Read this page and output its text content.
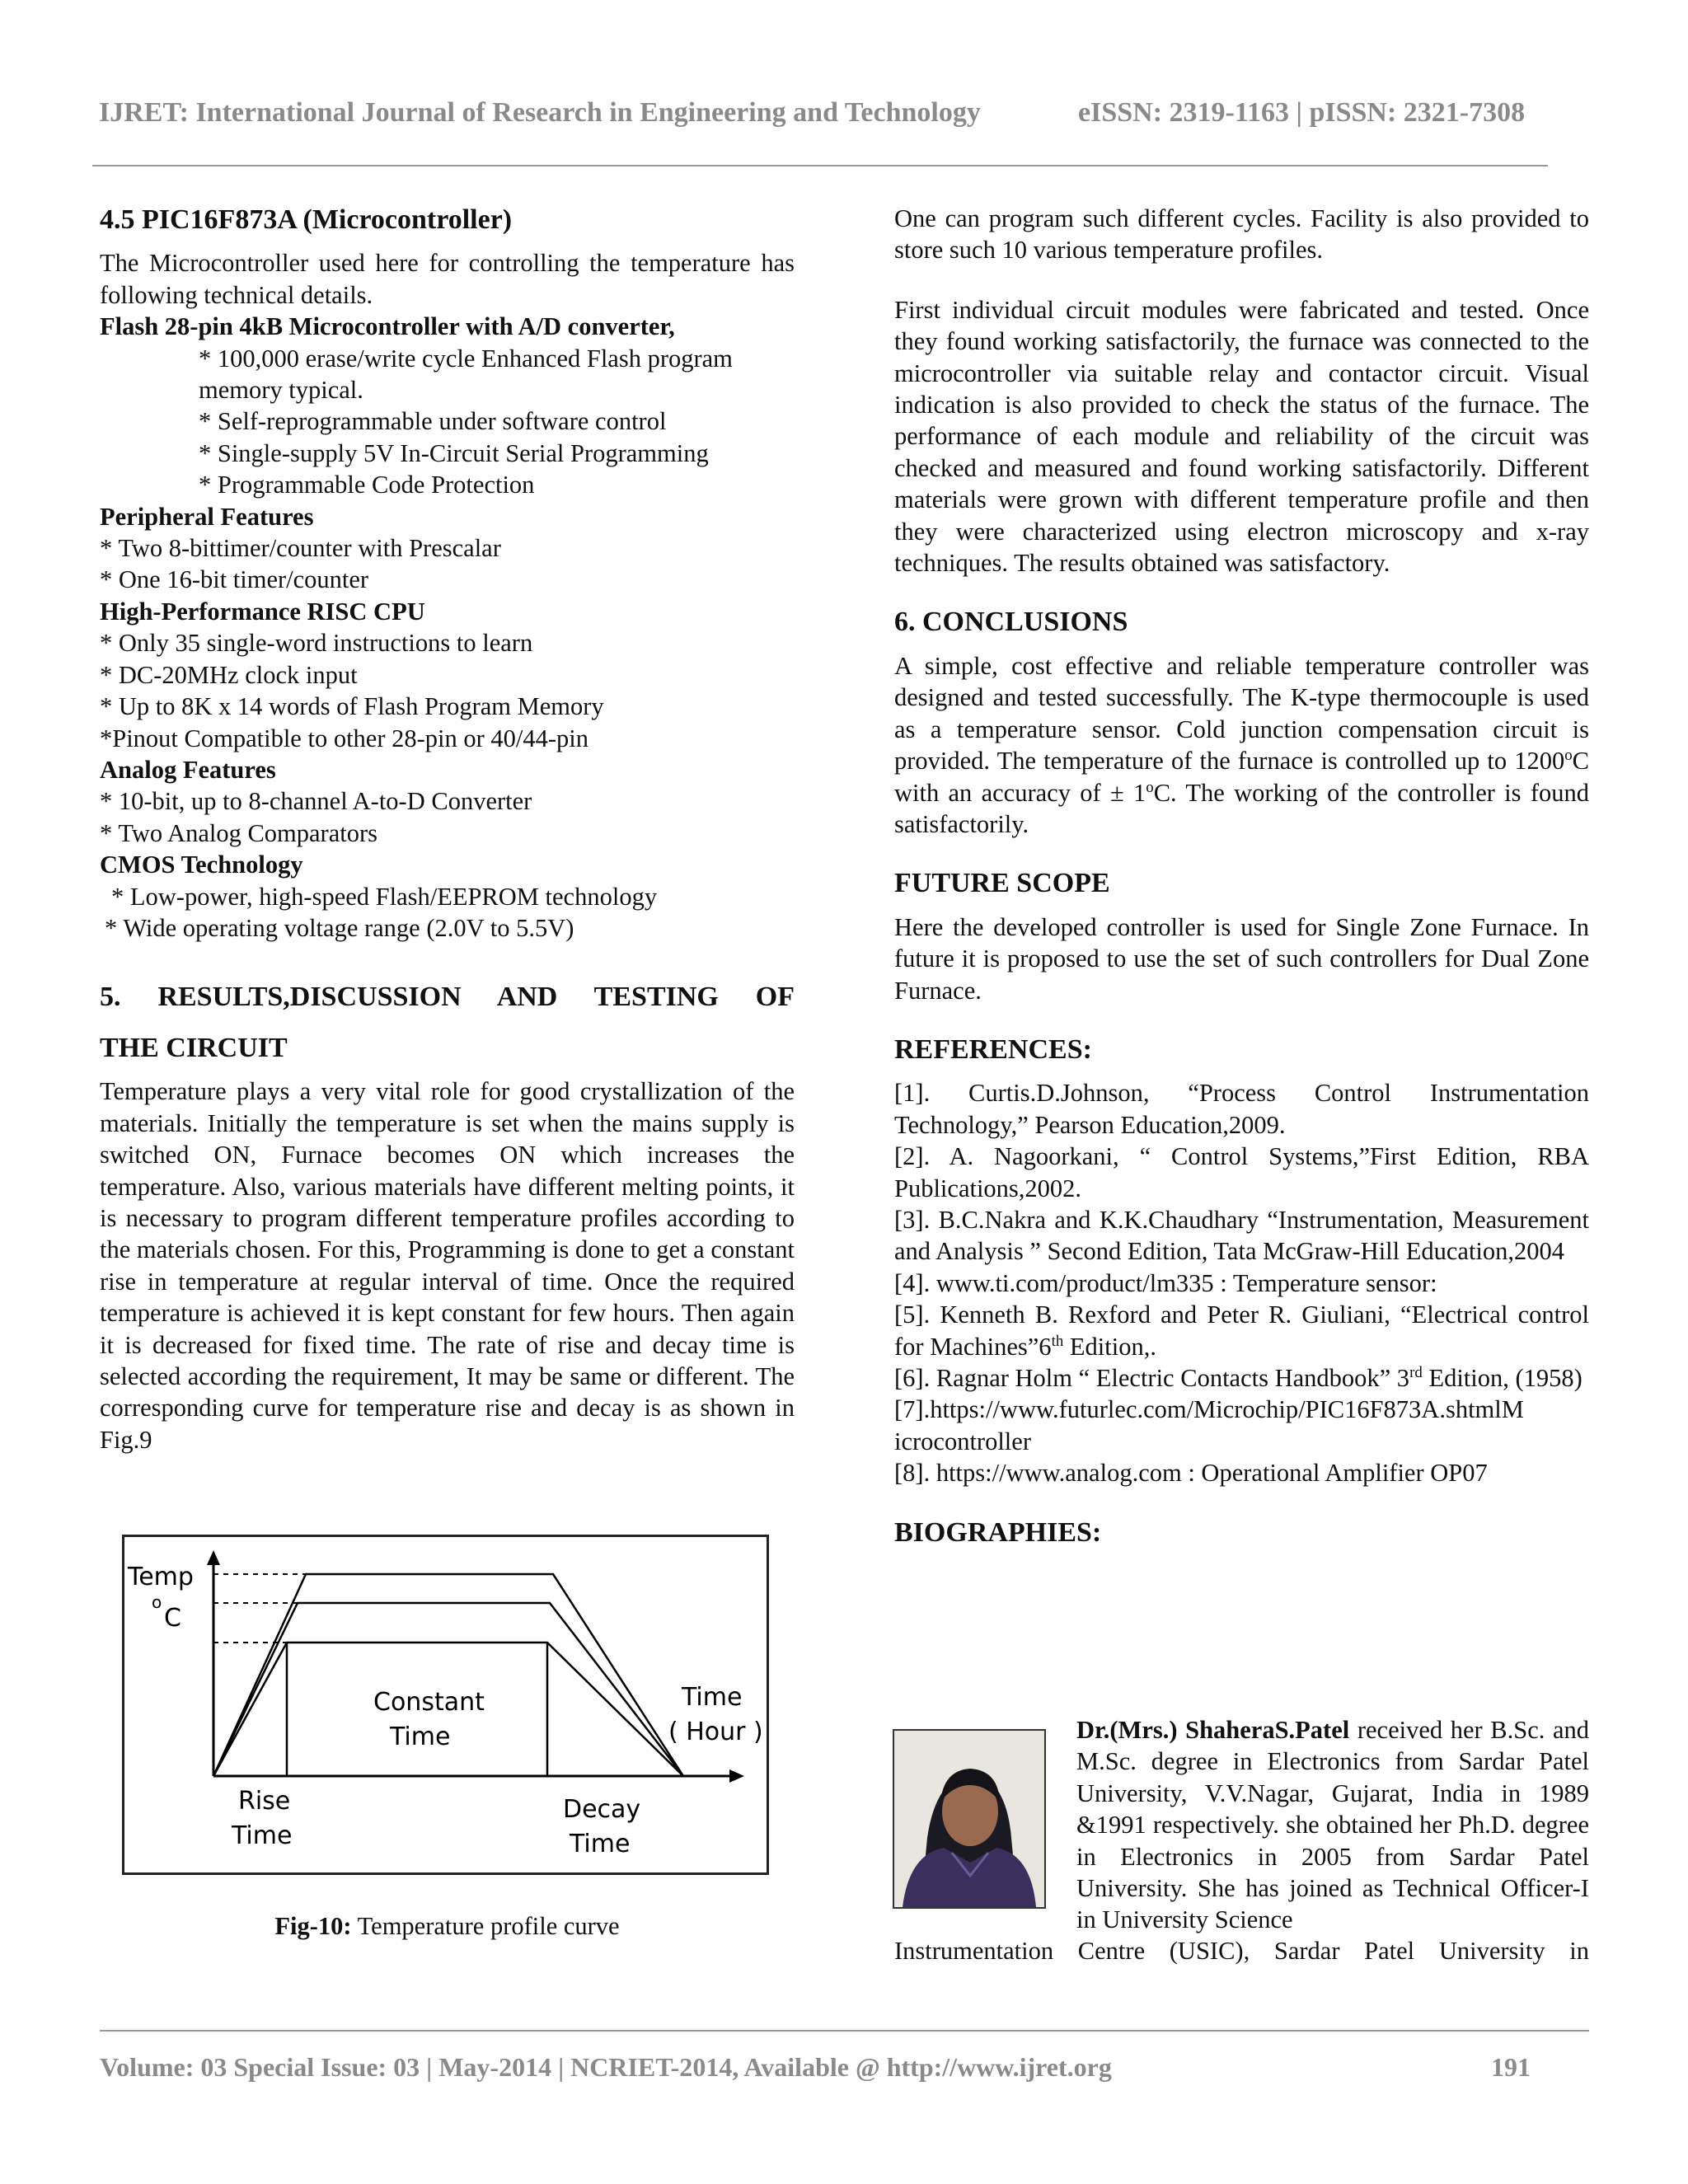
IJRET: International Journal of Research in Engineering and Technology	eISSN: 2319-1163 | pISSN: 2321-7308

4.5 PIC16F873A (Microcontroller)

The Microcontroller used here for controlling the temperature has following technical details.

Flash 28-pin 4kB Microcontroller with A/D converter,

* 100,000 erase/write cycle Enhanced Flash program memory typical.

* Self-reprogrammable under software control

* Single-supply 5V In-Circuit Serial Programming

* Programmable Code Protection

Peripheral Features

* Two 8-bittimer/counter with Prescalar

* One 16-bit timer/counter

High-Performance RISC CPU

* Only 35 single-word instructions to learn

* DC-20MHz clock input

* Up to 8K x 14 words of Flash Program Memory

*Pinout Compatible to other 28-pin or 40/44-pin

Analog Features

* 10-bit, up to 8-channel A-to-D Converter

* Two Analog Comparators

CMOS Technology

* Low-power, high-speed Flash/EEPROM technology

* Wide operating voltage range (2.0V to 5.5V)

5. RESULTS,DISCUSSION AND TESTING OF

THE CIRCUIT

Temperature plays a very vital role for good crystallization of the materials. Initially the temperature is set when the mains supply is switched ON, Furnace becomes ON which increases the temperature. Also, various materials have different melting points, it is necessary to program different temperature profiles according to the materials chosen. For this, Programming is done to get a constant rise in temperature at regular interval of time. Once the required temperature is achieved it is kept constant for few hours. Then again it is decreased for fixed time. The rate of rise and decay time is selected according the requirement, It may be same or different. The corresponding curve for temperature rise and decay is as shown in Fig.9

Temp
o
C
Constant
Time
Time
( Hour )
Rise
Time
Decay
Time
Fig-10: Temperature profile curve

One can program such different cycles. Facility is also provided to store such 10 various temperature profiles.

First individual circuit modules were fabricated and tested. Once they found working satisfactorily, the furnace was connected to the microcontroller via suitable relay and contactor circuit. Visual indication is also provided to check the status of the furnace. The performance of each module and reliability of the circuit was checked and measured and found working satisfactorily. Different materials were grown with different temperature profile and then they were characterized using electron microscopy and x-ray techniques. The results obtained was satisfactory.

6. CONCLUSIONS

A simple, cost effective and reliable temperature controller was designed and tested successfully. The K-type thermocouple is used as a temperature sensor. Cold junction compensation circuit is provided. The temperature of the furnace is controlled up to 1200$^o$C with an accuracy of ± $1^oC$. The working of the controller is found satisfactorily.

FUTURE SCOPE

Here the developed controller is used for Single Zone Furnace. In future it is proposed to use the set of such controllers for Dual Zone Furnace.

REFERENCES:

[1]. Curtis.D.Johnson, “Process Control Instrumentation Technology,” Pearson Education,2009.

[2]. A. Nagoorkani, “ Control Systems,”First Edition, RBA Publications,2002.

[3]. B.C.Nakra and K.K.Chaudhary “Instrumentation, Measurement and Analysis ” Second Edition, Tata McGraw-Hill Education,2004

[4]. www.ti.com/product/lm335 : Temperature sensor:

[5]. Kenneth B. Rexford and Peter R. Giuliani, “Electrical control for Machines”6th Edition,.

[6]. Ragnar Holm “ Electric Contacts Handbook” 3rd Edition, (1958)

[7].https://www.futurlec.com/Microchip/PIC16F873A.shtmlM

icrocontroller

[8]. https://www.analog.com : Operational Amplifier OP07

BIOGRAPHIES:

Dr.(Mrs.) ShaheraS.Patel received her B.Sc. and M.Sc. degree in Electronics from Sardar Patel University, V.V.Nagar, Gujarat, India in 1989 &1991 respectively. she obtained her Ph.D. degree in Electronics in 2005 from Sardar Patel University. She has joined as Technical Officer-I in University Science
Instrumentation Centre (USIC), Sardar Patel University in
Volume: 03 Special Issue: 03 | May-2014 | NCRIET-2014, Available @ http://www.ijret.org	191
